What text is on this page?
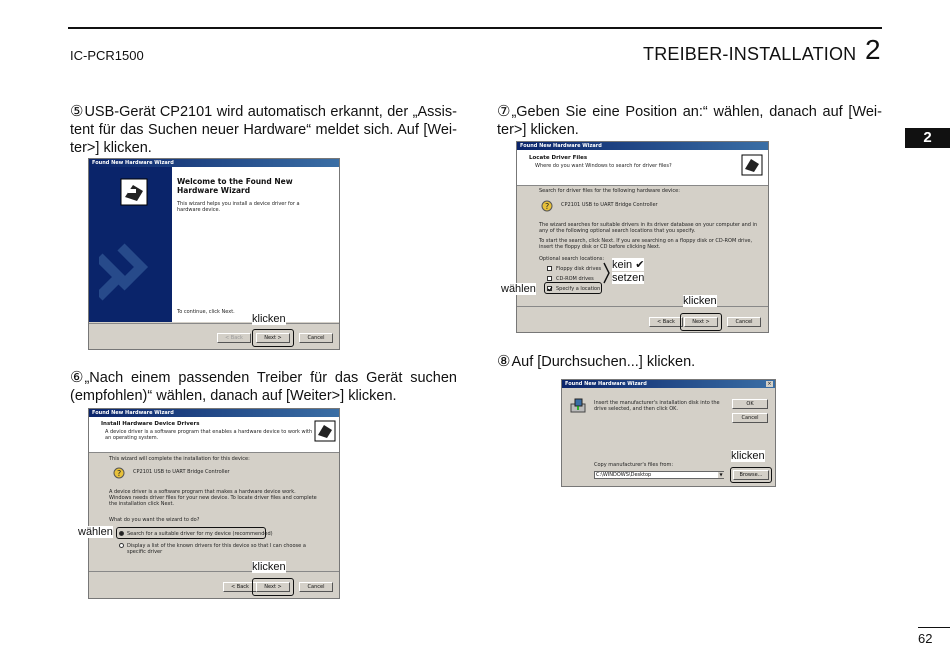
IC-PCR1500	TREIBER-INSTALLATION 2
2
⑤USB-Gerät CP2101 wird automatisch erkannt, der „Assistent für das Suchen neuer Hardware“ meldet sich. Auf [Weiter>] klicken.
Found New Hardware Wizard
Welcome to the Found New Hardware Wizard
This wizard helps you install a device driver for a hardware device.
To continue, click Next.
< Back	Next >	Cancel
klicken
⑥„Nach einem passenden Treiber für das Gerät suchen (empfohlen)“ wählen, danach auf [Weiter>] klicken.
Found New Hardware Wizard
Install Hardware Device Drivers
A device driver is a software program that enables a hardware device to work with an operating system.
This wizard will complete the installation for this device:
? CP2101 USB to UART Bridge Controller
A device driver is a software program that makes a hardware device work. Windows needs driver files for your new device. To locate driver files and complete the installation click Next.
What do you want the wizard to do?
Search for a suitable driver for my device (recommended)
Display a list of the known drivers for this device so that I can choose a specific driver
< Back	Next >	Cancel
wählen
klicken
⑦„Geben Sie eine Position an:“ wählen, danach auf [Weiter>] klicken.
Found New Hardware Wizard
Locate Driver Files
Where do you want Windows to search for driver files?
Search for driver files for the following hardware device:
? CP2101 USB to UART Bridge Controller
The wizard searches for suitable drivers in its driver database on your computer and in any of the following optional search locations that you specify.
To start the search, click Next. If you are searching on a floppy disk or CD-ROM drive, insert the floppy disk or CD before clicking Next.
Optional search locations:
Floppy disk drives
CD-ROM drives
Specify a location
< Back	Next >	Cancel
kein ✔
setzen
wählen
klicken
⑧Auf [Durchsuchen...] klicken.
Found New Hardware Wizard	×
Insert the manufacturer's installation disk into the drive selected, and then click OK.
OK
Cancel
Copy manufacturer's files from:
C:\WINDOWS\Desktop	▼	Browse...
klicken
62
